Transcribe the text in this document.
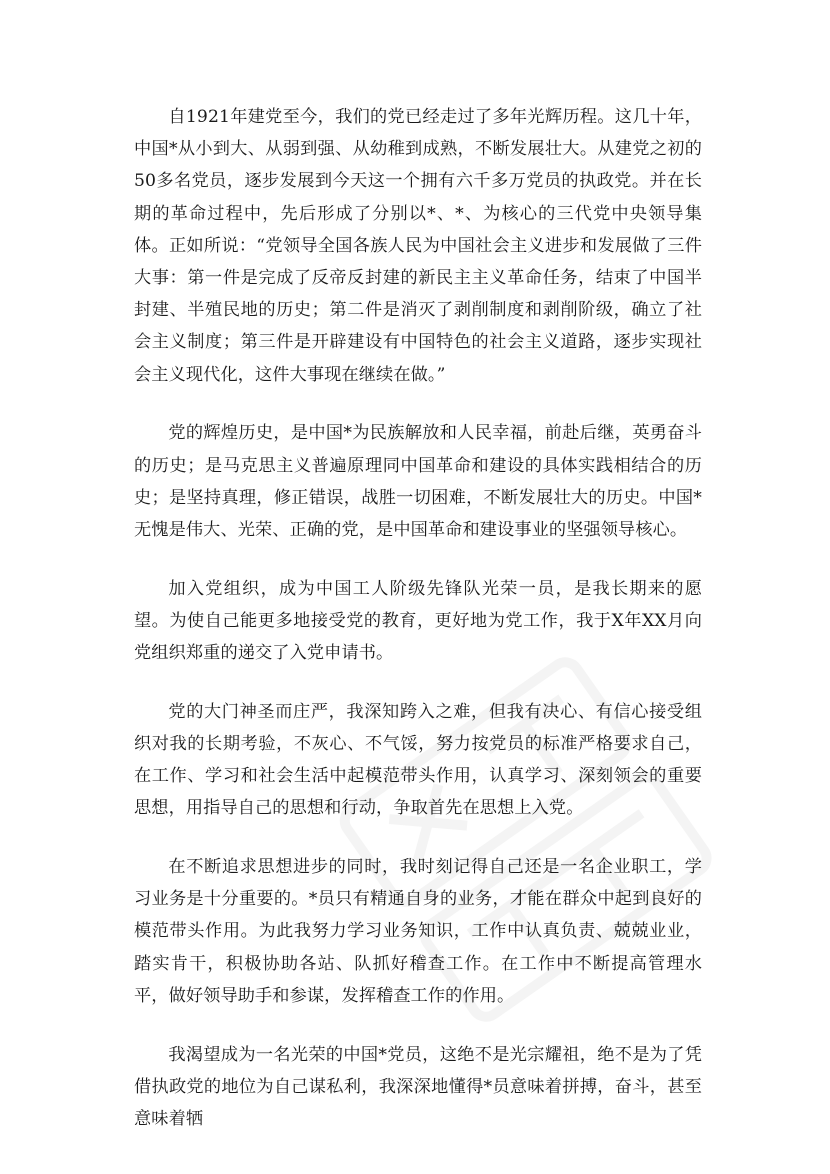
自1921年建党至今，我们的党已经走过了多年光辉历程。这几十年，中国*从小到大、从弱到强、从幼稚到成熟，不断发展壮大。从建党之初的50多名党员，逐步发展到今天这一个拥有六千多万党员的执政党。并在长期的革命过程中，先后形成了分别以*、*、为核心的三代党中央领导集体。正如所说：“党领导全国各族人民为中国社会主义进步和发展做了三件大事：第一件是完成了反帝反封建的新民主主义革命任务，结束了中国半封建、半殖民地的历史；第二件是消灭了剥削制度和剥削阶级，确立了社会主义制度；第三件是开辟建设有中国特色的社会主义道路，逐步实现社会主义现代化，这件大事现在继续在做。”

党的辉煌历史，是中国*为民族解放和人民幸福，前赴后继，英勇奋斗的历史；是马克思主义普遍原理同中国革命和建设的具体实践相结合的历史；是坚持真理，修正错误，战胜一切困难，不断发展壮大的历史。中国*无愧是伟大、光荣、正确的党，是中国革命和建设事业的坚强领导核心。

加入党组织，成为中国工人阶级先锋队光荣一员，是我长期来的愿望。为使自己能更多地接受党的教育，更好地为党工作，我于X年XX月向党组织郑重的递交了入党申请书。

党的大门神圣而庄严，我深知跨入之难，但我有决心、有信心接受组织对我的长期考验，不灰心、不气馁，努力按党员的标准严格要求自己，在工作、学习和社会生活中起模范带头作用，认真学习、深刻领会的重要思想，用指导自己的思想和行动，争取首先在思想上入党。

在不断追求思想进步的同时，我时刻记得自己还是一名企业职工，学习业务是十分重要的。*员只有精通自身的业务，才能在群众中起到良好的模范带头作用。为此我努力学习业务知识，工作中认真负责、兢兢业业，踏实肯干，积极协助各站、队抓好稽查工作。在工作中不断提高管理水平，做好领导助手和参谋，发挥稽查工作的作用。

我渴望成为一名光荣的中国*党员，这绝不是光宗耀祖，绝不是为了凭借执政党的地位为自己谋私利，我深深地懂得*员意味着拼搏，奋斗，甚至意味着牺
